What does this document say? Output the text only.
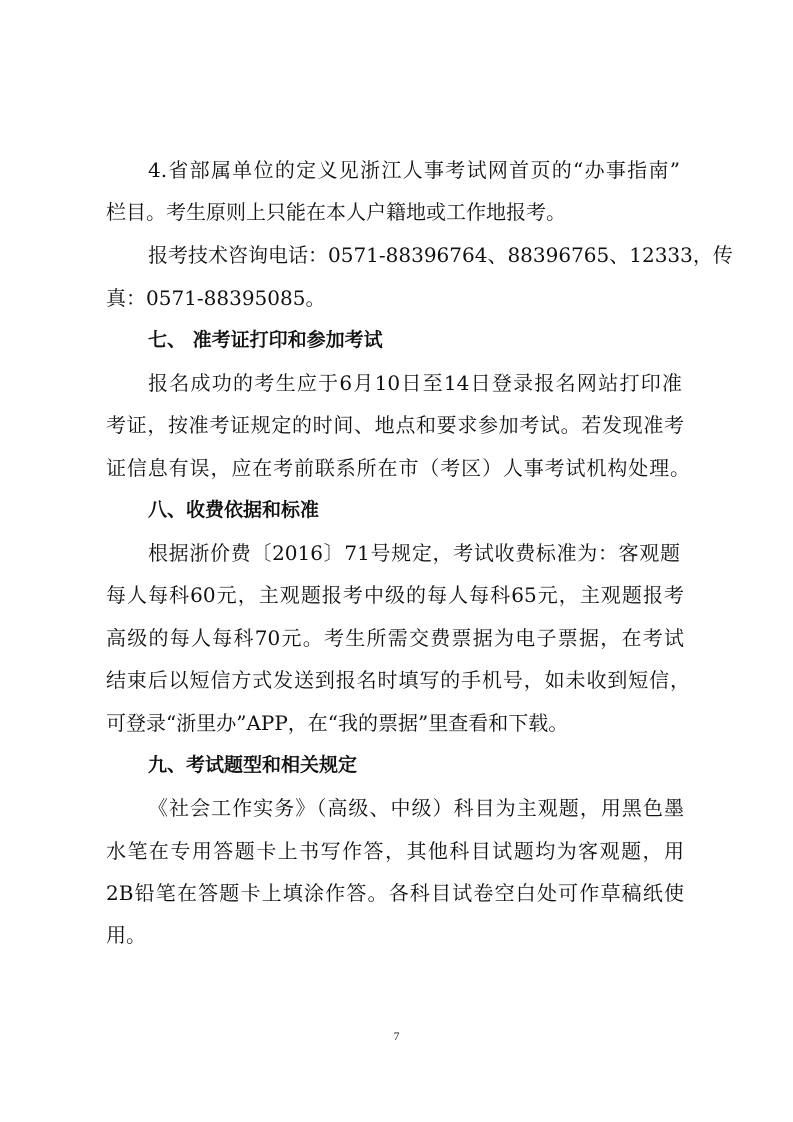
4.省部属单位的定义见浙江人事考试网首页的“办事指南”
栏目。考生原则上只能在本人户籍地或工作地报考。
报考技术咨询电话：0571-88396764、88396765、12333，传
真：0571-88395085。
七、 准考证打印和参加考试
报名成功的考生应于6月10日至14日登录报名网站打印准
考证，按准考证规定的时间、地点和要求参加考试。若发现准考
证信息有误，应在考前联系所在市（考区）人事考试机构处理。
八、收费依据和标准
根据浙价费〔2016〕71号规定，考试收费标准为：客观题
每人每科60元，主观题报考中级的每人每科65元，主观题报考
高级的每人每科70元。考生所需交费票据为电子票据，在考试
结束后以短信方式发送到报名时填写的手机号，如未收到短信，
可登录“浙里办”APP，在“我的票据”里查看和下载。
九、考试题型和相关规定
《社会工作实务》（高级、中级）科目为主观题，用黑色墨
水笔在专用答题卡上书写作答，其他科目试题均为客观题，用
2B铅笔在答题卡上填涂作答。各科目试卷空白处可作草稿纸使
用。
7
